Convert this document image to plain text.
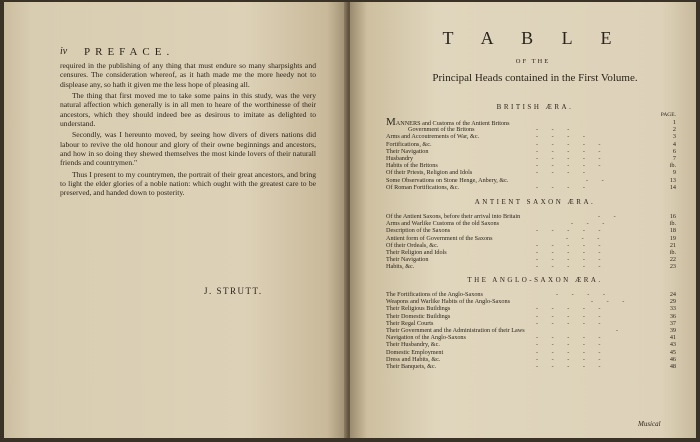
iv PREFACE.

required in the publishing of any thing that must endure so many sharpsights and censures. The consideration whereof, as it hath made me the more heedy not to displease any, so hath it given me the less hope of pleasing all.

The thing that first moved me to take some pains in this study, was the very natural affection which generally is in all men to heare of the worthinesse of their ancestors, which they should indeed bee as desirous to imitate as delighted to understand.

Secondly, was I hereunto moved, by seeing how divers of divers nations did labour to revive the old honour and glory of their owne beginnings and ancestors, and how in so doing they shewed themselves the most kinde lovers of their naturall friends and countrymen."

Thus I present to my countrymen, the portrait of their great ancestors, and bring to light the elder glories of a noble nation: which ought with the greatest care to be preserved, and handed down to posterity.

J. STRUTT.
T A B L E
OF THE
Principal Heads contained in the First Volume.
BRITISH ÆRA.
PAGE.
MANNERS and Customs of the Antient Britons	1
Government of the Britons	- - -	2
Arms and Accoutrements of War, &c.	- - - -	3
Fortifications, &c.	- - - - -	4
Their Navigation	- - - - -	6
Husbandry	- - - - -	7
Habits of the Britons	- - - - -	ib.
Of their Priests, Religion and Idols	- - - -	9
Some Observations on Stone Henge, Anbery, &c.	- -	13
Of Roman Fortifications, &c.	- - - -	14
ANTIENT SAXON ÆRA.
Of the Antient Saxons, before their arrival into Britain	- -	16
Arms and Warlike Customs of the old Saxons	- - -	ib.
Description of the Saxons	- - - - -	18
Antient form of Government of the Saxons	- - -	19
Of their Ordeals, &c.	- - - - -	21
Their Religion and Idols	- - - - -	ib.
Their Navigation	- - - - -	22
Habits, &c.	- - - - -	23
THE ANGLO-SAXON ÆRA.
The Fortifications of the Anglo-Saxons	- - - -	24
Weapons and Warlike Habits of the Anglo-Saxons	- - -	29
Their Religious Buildings	- - - - -	33
Their Domestic Buildings	- - - - -	36
Their Regal Courts	- - - - -	37
Their Government and the Administration of their Laws	-	39
Navigation of the Anglo-Saxons	- - - - -	41
Their Husbandry, &c.	- - - - -	43
Domestic Employment	- - - - -	45
Dress and Habits, &c.	- - - - -	46
Their Banquets, &c.	- - - - -	48
Musical
